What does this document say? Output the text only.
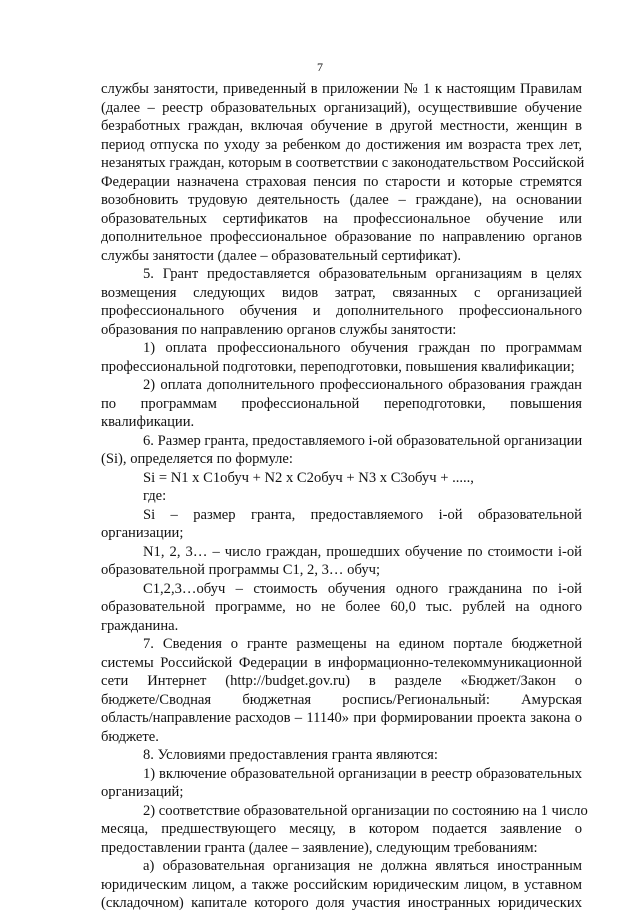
7
службы занятости, приведенный в приложении № 1 к настоящим Правилам
(далее – реестр образовательных организаций), осуществившие обучение
безработных граждан, включая обучение в другой местности, женщин в
период отпуска по уходу за ребенком до достижения им возраста трех лет,
незанятых граждан, которым в соответствии с законодательством Российской
Федерации назначена страховая пенсия по старости и которые стремятся
возобновить трудовую деятельность (далее – граждане), на основании
образовательных сертификатов на профессиональное обучение или
дополнительное профессиональное образование по направлению органов
службы занятости (далее – образовательный сертификат).
5. Грант предоставляется образовательным организациям в целях
возмещения следующих видов затрат, связанных с организацией
профессионального обучения и дополнительного профессионального
образования по направлению органов службы занятости:
1) оплата профессионального обучения граждан по программам
профессиональной подготовки, переподготовки, повышения квалификации;
2) оплата дополнительного профессионального образования граждан
по программам профессиональной переподготовки, повышения
квалификации.
6. Размер гранта, предоставляемого i-ой образовательной организации
(Si), определяется по формуле:
Si = N1 х C1обуч + N2 х C2обуч + N3 х C3обуч + .....,
где:
Si – размер гранта, предоставляемого i-ой образовательной
организации;
N1, 2, 3… – число граждан, прошедших обучение по стоимости i-ой
образовательной программы C1, 2, 3… обуч;
C1,2,3…обуч – стоимость обучения одного гражданина по i-ой
образовательной программе, но не более 60,0 тыс. рублей на одного
гражданина.
7. Сведения о гранте размещены на едином портале бюджетной
системы Российской Федерации в информационно-телекоммуникационной
сети Интернет (http://budget.gov.ru) в разделе «Бюджет/Закон о
бюджете/Сводная бюджетная роспись/Региональный: Амурская
область/направление расходов – 11140» при формировании проекта закона о
бюджете.
8. Условиями предоставления гранта являются:
1) включение образовательной организации в реестр образовательных
организаций;
2) соответствие образовательной организации по состоянию на 1 число
месяца, предшествующего месяцу, в котором подается заявление о
предоставлении гранта (далее – заявление), следующим требованиям:
а) образовательная организация не должна являться иностранным
юридическим лицом, а также российским юридическим лицом, в уставном
(складочном) капитале которого доля участия иностранных юридических
